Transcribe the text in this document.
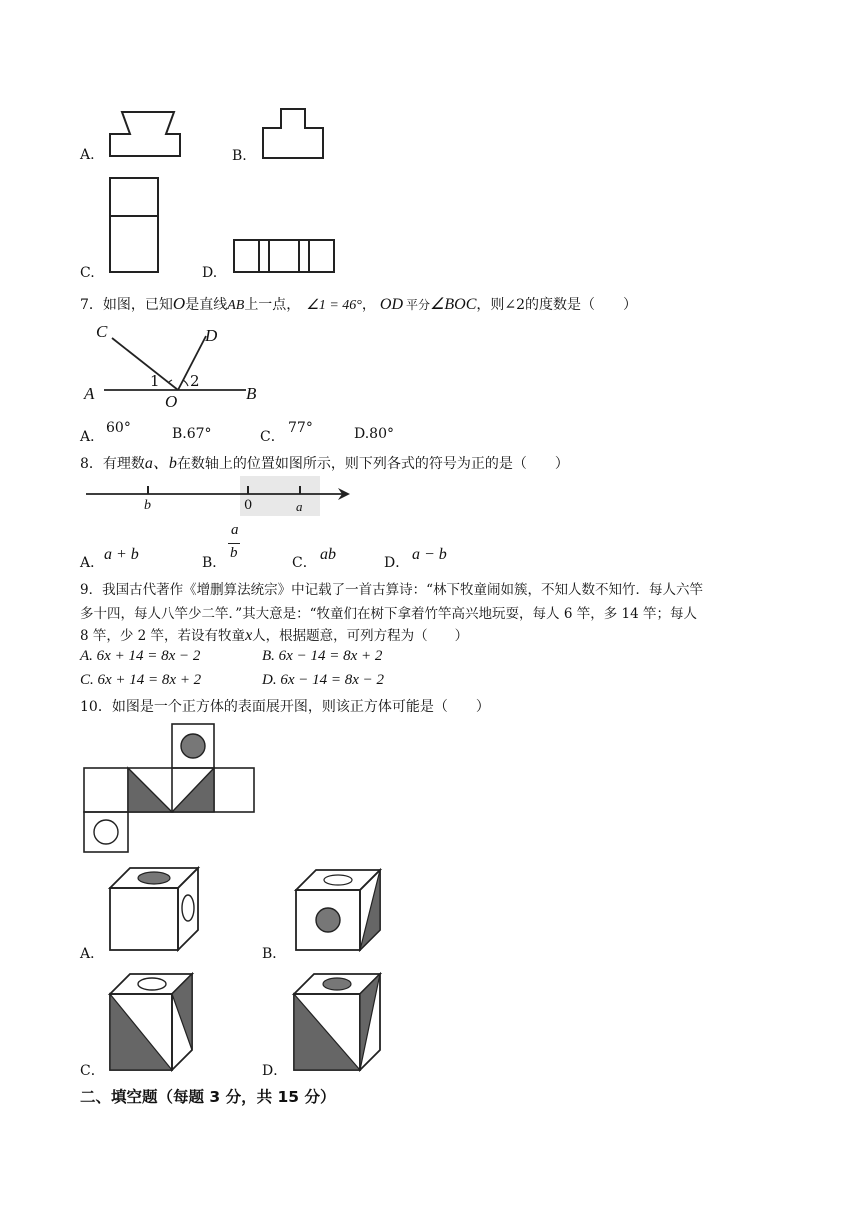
A.	B.
C.	D.
7．如图，已知O是直线AB上一点， ∠1 = 46°， OD 平分∠BOC，则∠2的度数是（　　）
C	D
A	O	B
1 2
A．
60°	B.67°	C．
77°	D.80°
8．有理数a、b在数轴上的位置如图所示，则下列各式的符号为正的是（　　）
b	0	a
A． a + b	B．
a
b
C． ab	D． a − b
9．我国古代著作《增删算法统宗》中记载了一首古算诗：“林下牧童闹如簇，不知人数不知竹．每人六竿
多十四，每人八竿少二竿．”其大意是：“牧童们在树下拿着竹竿高兴地玩耍，每人 6 竿，多 14 竿；每人
8 竿，少 2 竿，若设有牧童x人，根据题意，可列方程为（　　）
A. 6x + 14 = 8x − 2	B. 6x − 14 = 8x + 2
C. 6x + 14 = 8x + 2	D. 6x − 14 = 8x − 2
10．如图是一个正方体的表面展开图，则该正方体可能是（　　）
A．	B．
C．	D．
二、填空题（每题 3 分，共 15 分）
